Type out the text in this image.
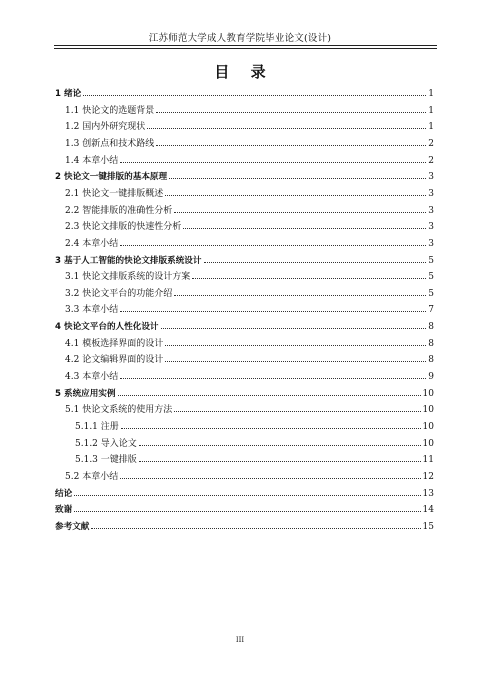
江苏师范大学成人教育学院毕业论文(设计)
目 录
1 绪论	1
1.1 快论文的选题背景	1
1.2 国内外研究现状	1
1.3 创新点和技术路线	2
1.4 本章小结	2
2 快论文一键排版的基本原理	3
2.1 快论文一键排版概述	3
2.2 智能排版的准确性分析	3
2.3 快论文排版的快速性分析	3
2.4 本章小结	3
3 基于人工智能的快论文排版系统设计	5
3.1 快论文排版系统的设计方案	5
3.2 快论文平台的功能介绍	5
3.3 本章小结	7
4 快论文平台的人性化设计	8
4.1 模板选择界面的设计	8
4.2 论文编辑界面的设计	8
4.3 本章小结	9
5 系统应用实例	10
5.1 快论文系统的使用方法	10
5.1.1 注册	10
5.1.2 导入论文	10
5.1.3 一键排版	11
5.2 本章小结	12
结论	13
致谢	14
参考文献	15
III
